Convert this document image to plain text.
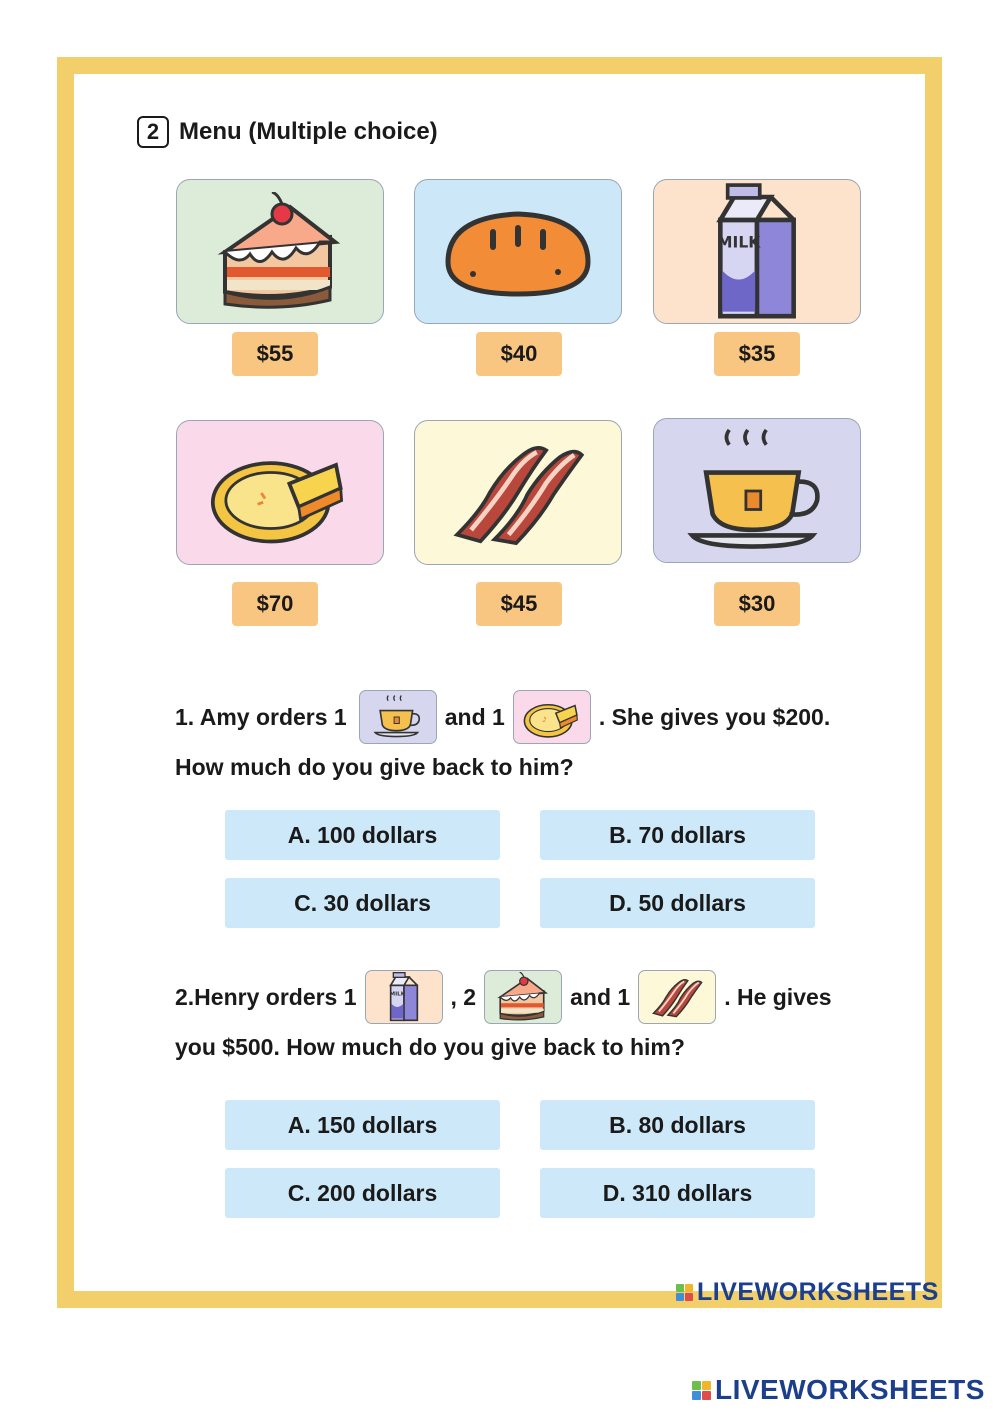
2 Menu (Multiple choice)
$55	$40	$35
$70	$45	$30
1. Amy orders 1	and 1	. She gives you $200.
How much do you give back to him?
A. 100 dollars	B. 70 dollars
C. 30 dollars	D. 50 dollars
2.Henry orders 1	, 2	and 1	. He gives
you $500. How much do you give back to him?
A. 150 dollars	B. 80 dollars
C. 200 dollars	D. 310 dollars
LIVEWORKSHEETS
LIVEWORKSHEETS
